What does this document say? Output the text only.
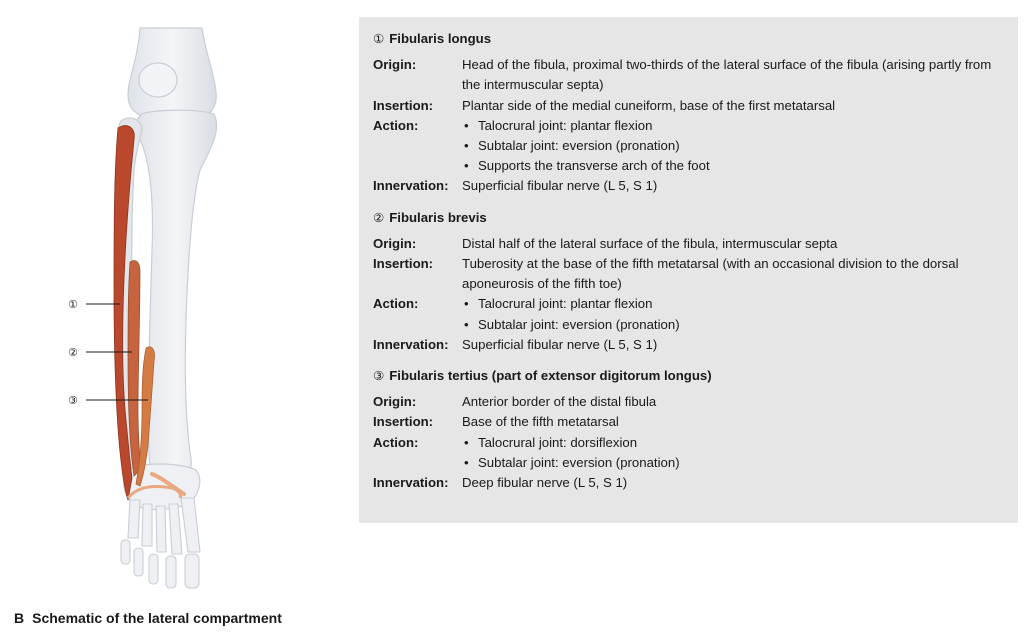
①
②
③
B Schematic of the lateral compartment
① Fibularis longus
Origin:	Head of the fibula, proximal two-thirds of the lateral surface of the fibula (arising partly from the intermuscular septa)
Insertion:	Plantar side of the medial cuneiform, base of the first metatarsal
Action:	• Talocrural joint: plantar flexion
• Subtalar joint: eversion (pronation)
• Supports the transverse arch of the foot
Innervation:	Superficial fibular nerve (L 5, S 1)
② Fibularis brevis
Origin:	Distal half of the lateral surface of the fibula, intermuscular septa
Insertion:	Tuberosity at the base of the fifth metatarsal (with an occasional division to the dorsal aponeurosis of the fifth toe)
Action:	• Talocrural joint: plantar flexion
• Subtalar joint: eversion (pronation)
Innervation:	Superficial fibular nerve (L 5, S 1)
③ Fibularis tertius (part of extensor digitorum longus)
Origin:	Anterior border of the distal fibula
Insertion:	Base of the fifth metatarsal
Action:	• Talocrural joint: dorsiflexion
• Subtalar joint: eversion (pronation)
Innervation:	Deep fibular nerve (L 5, S 1)
